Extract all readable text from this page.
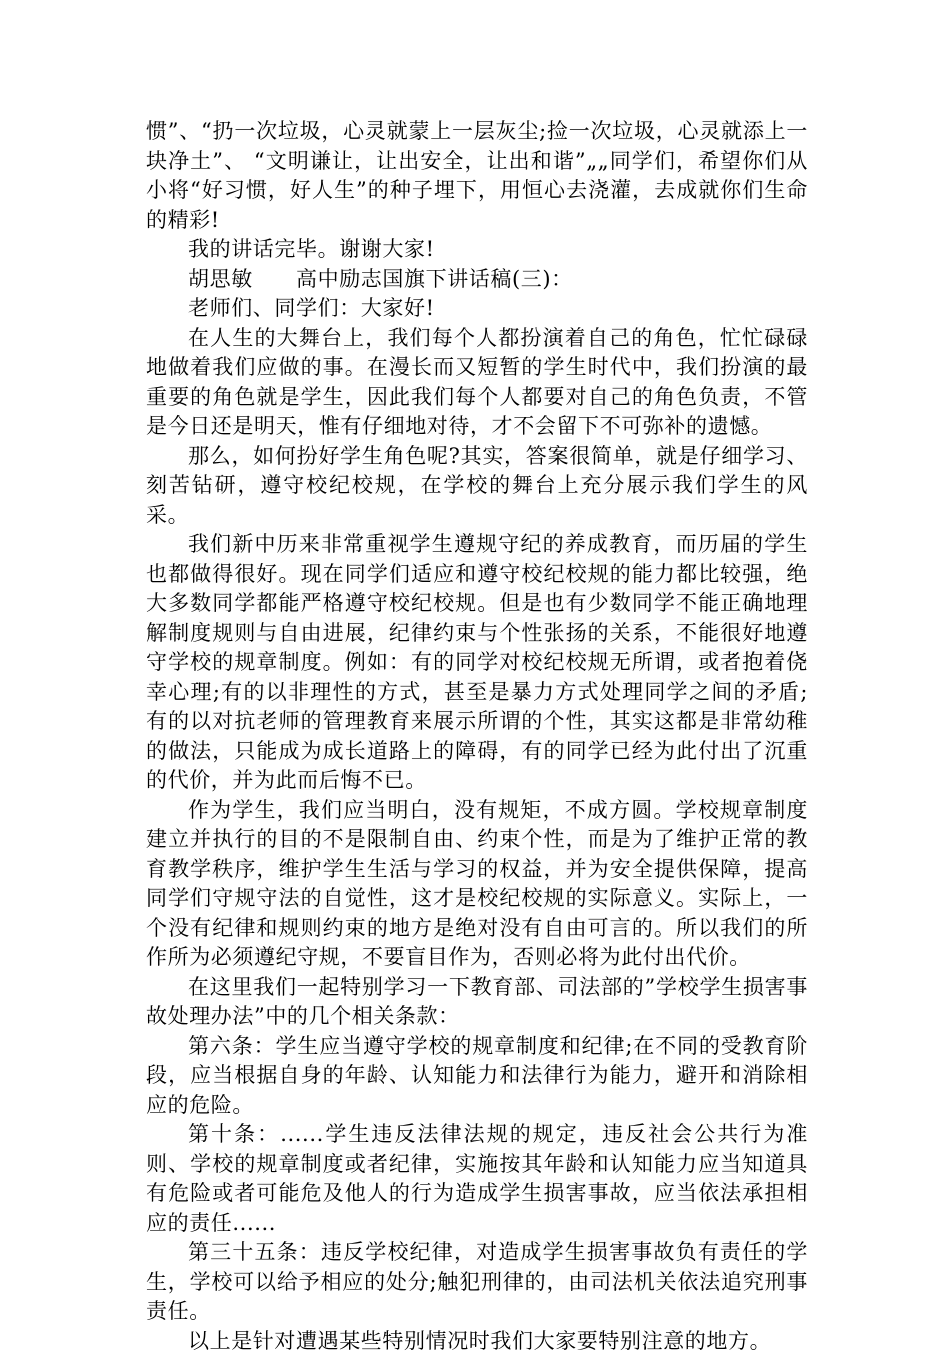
惯”、“扔一次垃圾，心灵就蒙上一层灰尘;捡一次垃圾，心灵就添上一块净土”、 “文明谦让，让出安全，让出和谐”„„同学们，希望你们从小将“好习惯，好人生”的种子埋下，用恒心去浇灌，去成就你们生命的精彩!

我的讲话完毕。谢谢大家!

胡思敏　　高中励志国旗下讲话稿(三)：

老师们、同学们：大家好!

在人生的大舞台上，我们每个人都扮演着自己的角色，忙忙碌碌地做着我们应做的事。在漫长而又短暂的学生时代中，我们扮演的最重要的角色就是学生，因此我们每个人都要对自己的角色负责，不管是今日还是明天，惟有仔细地对待，才不会留下不可弥补的遗憾。

那么，如何扮好学生角色呢?其实，答案很简单，就是仔细学习、刻苦钻研，遵守校纪校规，在学校的舞台上充分展示我们学生的风采。

我们新中历来非常重视学生遵规守纪的养成教育，而历届的学生也都做得很好。现在同学们适应和遵守校纪校规的能力都比较强，绝大多数同学都能严格遵守校纪校规。但是也有少数同学不能正确地理解制度规则与自由进展，纪律约束与个性张扬的关系，不能很好地遵守学校的规章制度。例如：有的同学对校纪校规无所谓，或者抱着侥幸心理;有的以非理性的方式，甚至是暴力方式处理同学之间的矛盾;有的以对抗老师的管理教育来展示所谓的个性，其实这都是非常幼稚的做法，只能成为成长道路上的障碍，有的同学已经为此付出了沉重的代价，并为此而后悔不已。

作为学生，我们应当明白，没有规矩，不成方圆。学校规章制度建立并执行的目的不是限制自由、约束个性，而是为了维护正常的教育教学秩序，维护学生生活与学习的权益，并为安全提供保障，提高同学们守规守法的自觉性，这才是校纪校规的实际意义。实际上，一个没有纪律和规则约束的地方是绝对没有自由可言的。所以我们的所作所为必须遵纪守规，不要盲目作为，否则必将为此付出代价。

在这里我们一起特别学习一下教育部、司法部的”学校学生损害事故处理办法”中的几个相关条款：

第六条：学生应当遵守学校的规章制度和纪律;在不同的受教育阶段，应当根据自身的年龄、认知能力和法律行为能力，避开和消除相应的危险。

第十条：......学生违反法律法规的规定，违反社会公共行为准则、学校的规章制度或者纪律，实施按其年龄和认知能力应当知道具有危险或者可能危及他人的行为造成学生损害事故，应当依法承担相应的责任......

第三十五条：违反学校纪律，对造成学生损害事故负有责任的学生，学校可以给予相应的处分;触犯刑律的，由司法机关依法追究刑事责任。

以上是针对遭遇某些特别情况时我们大家要特别注意的地方。
